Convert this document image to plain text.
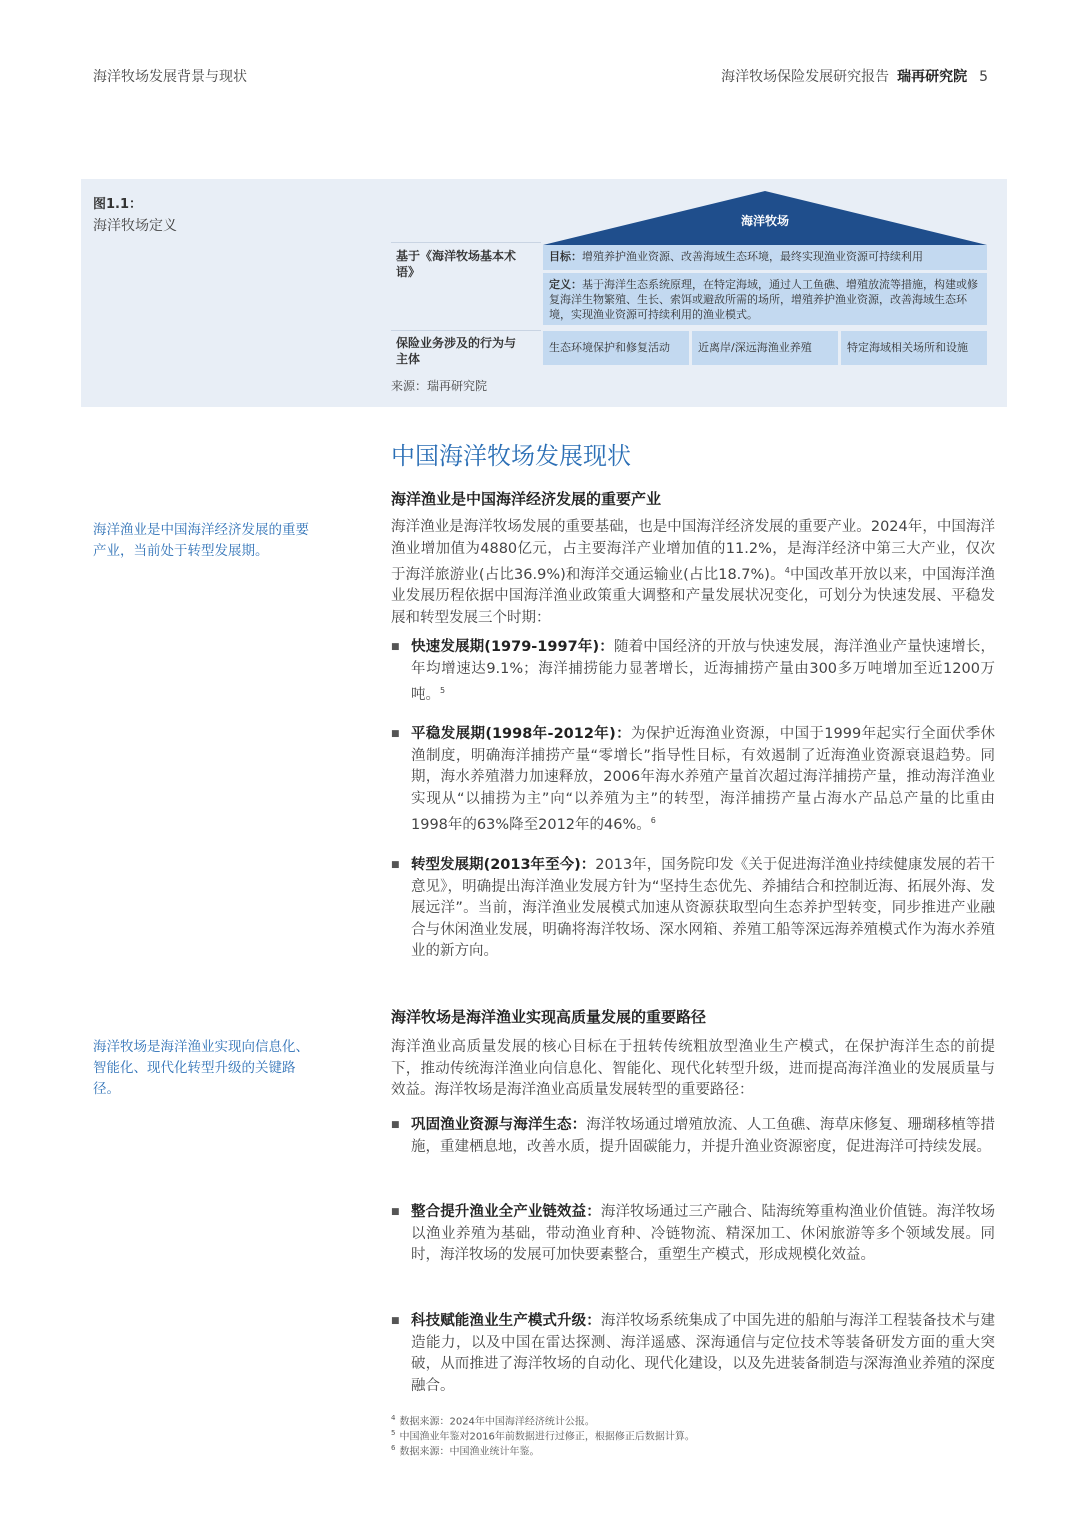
海洋牧场发展背景与现状	海洋牧场保险发展研究报告 瑞再研究院 5
图1.1：
海洋牧场定义	海洋牧场
基于《海洋牧场基本术语》
目标：增殖养护渔业资源、改善海域生态环境，最终实现渔业资源可持续利用
定义：基于海洋生态系统原理，在特定海域，通过人工鱼礁、增殖放流等措施，构建或修复海洋生物繁殖、生长、索饵或避敌所需的场所，增殖养护渔业资源，改善海域生态环境，实现渔业资源可持续利用的渔业模式。
保险业务涉及的行为与主体
生态环境保护和修复活动	近离岸/深远海渔业养殖	特定海域相关场所和设施
来源：瑞再研究院
中国海洋牧场发展现状
海洋渔业是中国海洋经济发展的重要产业
海洋渔业是中国海洋经济发展的重要产业，当前处于转型发展期。

海洋渔业是海洋牧场发展的重要基础，也是中国海洋经济发展的重要产业。2024年，中国海洋渔业增加值为4880亿元，占主要海洋产业增加值的11.2%，是海洋经济中第三大产业，仅次于海洋旅游业(占比36.9%)和海洋交通运输业(占比18.7%)。$^4$中国改革开放以来，中国海洋渔业发展历程依据中国海洋渔业政策重大调整和产量发展状况变化，可划分为快速发展、平稳发展和转型发展三个时期：

■ 快速发展期(1979-1997年)：随着中国经济的开放与快速发展，海洋渔业产量快速增长，年均增速达9.1%；海洋捕捞能力显著增长，近海捕捞产量由300多万吨增加至近1200万吨。$^5$
■ 平稳发展期(1998年-2012年)：为保护近海渔业资源，中国于1999年起实行全面伏季休渔制度，明确海洋捕捞产量“零增长”指导性目标，有效遏制了近海渔业资源衰退趋势。同期，海水养殖潜力加速释放，2006年海水养殖产量首次超过海洋捕捞产量，推动海洋渔业实现从“以捕捞为主”向“以养殖为主”的转型，海洋捕捞产量占海水产品总产量的比重由1998年的63%降至2012年的46%。$^6$
■ 转型发展期(2013年至今)：2013年，国务院印发《关于促进海洋渔业持续健康发展的若干意见》，明确提出海洋渔业发展方针为“坚持生态优先、养捕结合和控制近海、拓展外海、发展远洋”。当前，海洋渔业发展模式加速从资源获取型向生态养护型转变，同步推进产业融合与休闲渔业发展，明确将海洋牧场、深水网箱、养殖工船等深远海养殖模式作为海水养殖业的新方向。
海洋牧场是海洋渔业实现高质量发展的重要路径
海洋牧场是海洋渔业实现向信息化、智能化、现代化转型升级的关键路径。

海洋渔业高质量发展的核心目标在于扭转传统粗放型渔业生产模式，在保护海洋生态的前提下，推动传统海洋渔业向信息化、智能化、现代化转型升级，进而提高海洋渔业的发展质量与效益。海洋牧场是海洋渔业高质量发展转型的重要路径：

■ 巩固渔业资源与海洋生态：海洋牧场通过增殖放流、人工鱼礁、海草床修复、珊瑚移植等措施，重建栖息地，改善水质，提升固碳能力，并提升渔业资源密度，促进海洋可持续发展。
■ 整合提升渔业全产业链效益：海洋牧场通过三产融合、陆海统筹重构渔业价值链。海洋牧场以渔业养殖为基础，带动渔业育种、冷链物流、精深加工、休闲旅游等多个领域发展。同时，海洋牧场的发展可加快要素整合，重塑生产模式，形成规模化效益。
■ 科技赋能渔业生产模式升级：海洋牧场系统集成了中国先进的船舶与海洋工程装备技术与建造能力，以及中国在雷达探测、海洋遥感、深海通信与定位技术等装备研发方面的重大突破，从而推进了海洋牧场的自动化、现代化建设，以及先进装备制造与深海渔业养殖的深度融合。
$^4$ 数据来源：2024年中国海洋经济统计公报。
$^5$ 中国渔业年鉴对2016年前数据进行过修正，根据修正后数据计算。
$^6$ 数据来源：中国渔业统计年鉴。
